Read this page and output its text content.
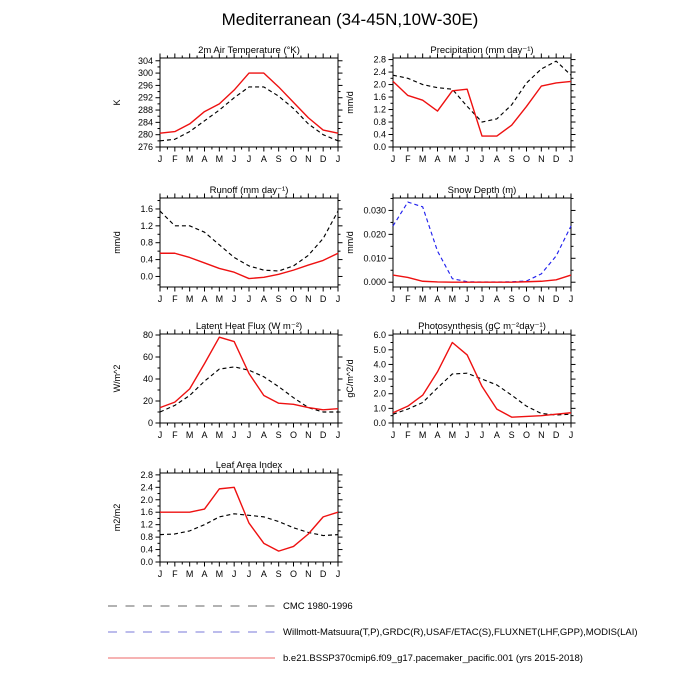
Mediterranean (34-45N,10W-30E)
2m Air Temperature (°K)
K
J F M A M J J A S O N D J
276
280
284
288
292
296
300
304
Precipitation (mm day⁻¹)
mm/d
J F M A M J J A S O N D J
0.0
0.4
0.8
1.2
1.6
2.0
2.4
2.8
Runoff (mm day⁻¹)
mm/d
J F M A M J J A S O N D J
0.0
0.4
0.8
1.2
1.6
Snow Depth (m)
mm/d
J F M A M J J A S O N D J
0.000
0.010
0.020
0.030
Latent Heat Flux (W m⁻²)
W/m^2
J F M A M J J A S O N D J
0
20
40
60
80
Photosynthesis (gC m⁻²day⁻¹)
gC/m^2/d
J F M A M J J A S O N D J
0.0
1.0
2.0
3.0
4.0
5.0
6.0
Leaf Area Index
m2/m2
J F M A M J J A S O N D J
0.0
0.4
0.8
1.2
1.6
2.0
2.4
2.8
CMC 1980-1996
Willmott-Matsuura(T,P),GRDC(R),USAF/ETAC(S),FLUXNET(LHF,GPP),MODIS(LAI)
b.e21.BSSP370cmip6.f09_g17.pacemaker_pacific.001 (yrs 2015-2018)
